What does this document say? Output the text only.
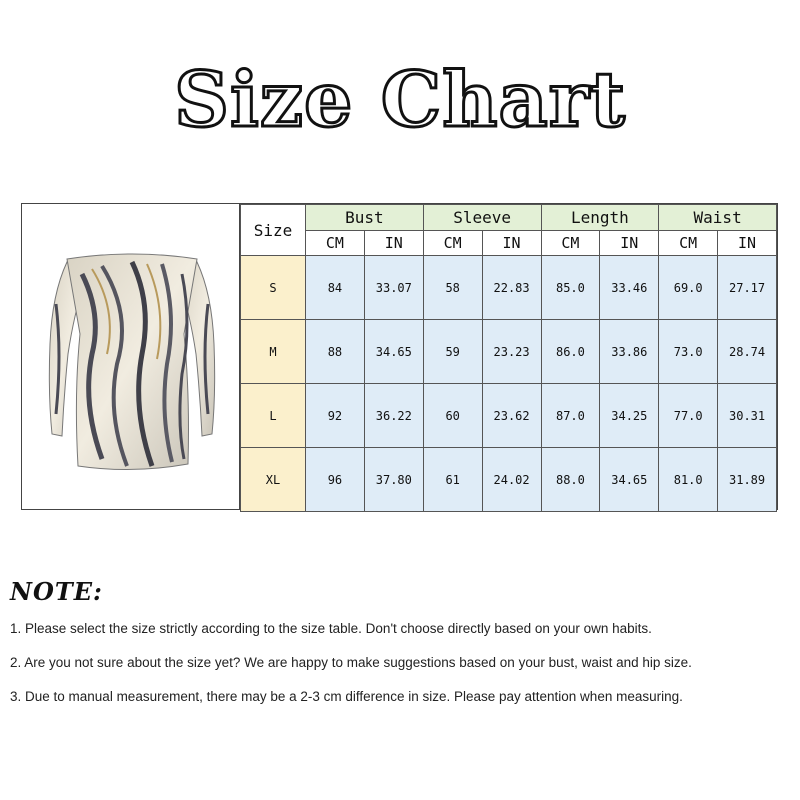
Size Chart
Size	Bust		Sleeve		Length		Waist	
	CM	IN	CM	IN	CM	IN	CM	IN
S	84	33.07	58	22.83	85.0	33.46	69.0	27.17
M	88	34.65	59	23.23	86.0	33.86	73.0	28.74
L	92	36.22	60	23.62	87.0	34.25	77.0	30.31
XL	96	37.80	61	24.02	88.0	34.65	81.0	31.89
NOTE:
1. Please select the size strictly according to the size table. Don't choose directly based on your own habits.
2. Are you not sure about the size yet? We are happy to make suggestions based on your bust, waist and hip size.
3. Due to manual measurement, there may be a 2-3 cm difference in size. Please pay attention when measuring.
